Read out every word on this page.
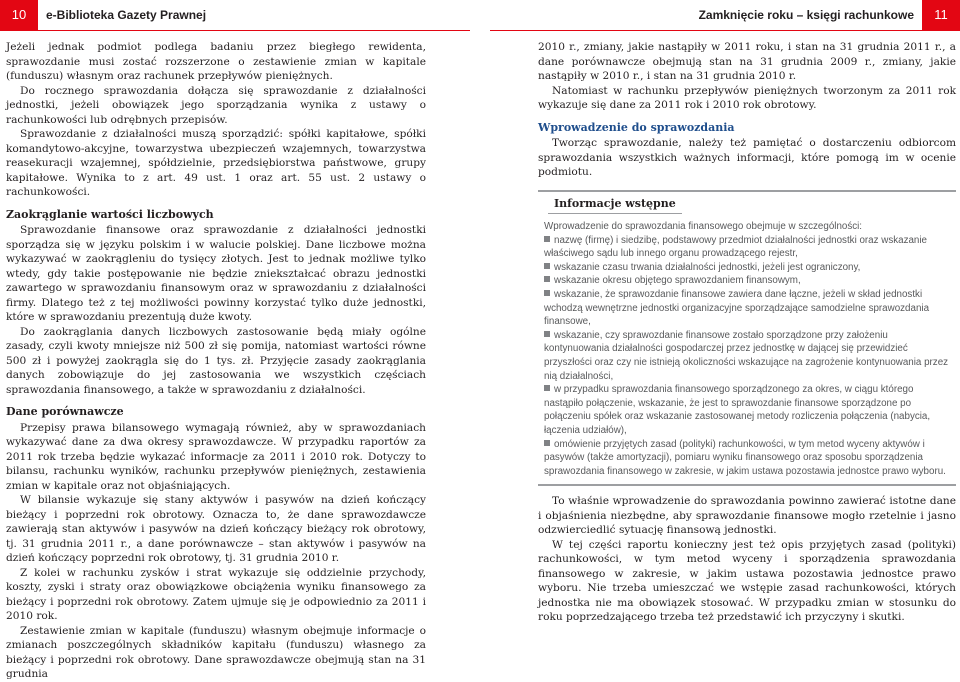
10	e-Biblioteka Gazety Prawnej	Zamknięcie roku – księgi rachunkowe	11

Jeżeli jednak podmiot podlega badaniu przez biegłego rewidenta, sprawozdanie musi zostać rozszerzone o zestawienie zmian w kapitale (funduszu) własnym oraz rachunek przepływów pieniężnych.

Do rocznego sprawozdania dołącza się sprawozdanie z działalności jednostki, jeżeli obowiązek jego sporządzania wynika z ustawy o rachunkowości lub odrębnych przepisów.

Sprawozdanie z działalności muszą sporządzić: spółki kapitałowe, spółki komandytowo-akcyjne, towarzystwa ubezpieczeń wzajemnych, towarzystwa reasekuracji wzajemnej, spółdzielnie, przedsiębiorstwa państwowe, grupy kapitałowe. Wynika to z art. 49 ust. 1 oraz art. 55 ust. 2 ustawy o rachunkowości.

Zaokrąglanie wartości liczbowych

Sprawozdanie finansowe oraz sprawozdanie z działalności jednostki sporządza się w języku polskim i w walucie polskiej. Dane liczbowe można wykazywać w zaokrągleniu do tysięcy złotych. Jest to jednak możliwe tylko wtedy, gdy takie postępowanie nie będzie zniekształcać obrazu jednostki zawartego w sprawozdaniu finansowym oraz w sprawozdaniu z działalności firmy. Dlatego też z tej możliwości powinny korzystać tylko duże jednostki, które w sprawozdaniu prezentują duże kwoty.

Do zaokrąglania danych liczbowych zastosowanie będą miały ogólne zasady, czyli kwoty mniejsze niż 500 zł się pomija, natomiast wartości równe 500 zł i powyżej zaokrągla się do 1 tys. zł. Przyjęcie zasady zaokrąglania danych zobowiązuje do jej zastosowania we wszystkich częściach sprawozdania finansowego, a także w sprawozdaniu z działalności.

Dane porównawcze

Przepisy prawa bilansowego wymagają również, aby w sprawozdaniach wykazywać dane za dwa okresy sprawozdawcze. W przypadku raportów za 2011 rok trzeba będzie wykazać informacje za 2011 i 2010 rok. Dotyczy to bilansu, rachunku wyników, rachunku przepływów pieniężnych, zestawienia zmian w kapitale oraz not objaśniających.

W bilansie wykazuje się stany aktywów i pasywów na dzień kończący bieżący i poprzedni rok obrotowy. Oznacza to, że dane sprawozdawcze zawierają stan aktywów i pasywów na dzień kończący bieżący rok obrotowy, tj. 31 grudnia 2011 r., a dane porównawcze – stan aktywów i pasywów na dzień kończący poprzedni rok obrotowy, tj. 31 grudnia 2010 r.

Z kolei w rachunku zysków i strat wykazuje się oddzielnie przychody, koszty, zyski i straty oraz obowiązkowe obciążenia wyniku finansowego za bieżący i poprzedni rok obrotowy. Zatem ujmuje się je odpowiednio za 2011 i 2010 rok.

Zestawienie zmian w kapitale (funduszu) własnym obejmuje informacje o zmianach poszczególnych składników kapitału (funduszu) własnego za bieżący i poprzedni rok obrotowy. Dane sprawozdawcze obejmują stan na 31 grudnia

2010 r., zmiany, jakie nastąpiły w 2011 roku, i stan na 31 grudnia 2011 r., a dane porównawcze obejmują stan na 31 grudnia 2009 r., zmiany, jakie nastąpiły w 2010 r., i stan na 31 grudnia 2010 r.

Natomiast w rachunku przepływów pieniężnych tworzonym za 2011 rok wykazuje się dane za 2011 rok i 2010 rok obrotowy.

Wprowadzenie do sprawozdania

Tworząc sprawozdanie, należy też pamiętać o dostarczeniu odbiorcom sprawozdania wszystkich ważnych informacji, które pomogą im w ocenie podmiotu.

Informacje wstępne
Wprowadzenie do sprawozdania finansowego obejmuje w szczególności:
nazwę (firmę) i siedzibę, podstawowy przedmiot działalności jednostki oraz wskazanie właściwego sądu lub innego organu prowadzącego rejestr,
wskazanie czasu trwania działalności jednostki, jeżeli jest ograniczony,
wskazanie okresu objętego sprawozdaniem finansowym,
wskazanie, że sprawozdanie finansowe zawiera dane łączne, jeżeli w skład jednostki wchodzą wewnętrzne jednostki organizacyjne sporządzające samodzielne sprawozdania finansowe,
wskazanie, czy sprawozdanie finansowe zostało sporządzone przy założeniu kontynuowania działalności gospodarczej przez jednostkę w dającej się przewidzieć przyszłości oraz czy nie istnieją okoliczności wskazujące na zagrożenie kontynuowania przez nią działalności,
w przypadku sprawozdania finansowego sporządzonego za okres, w ciągu którego nastąpiło połączenie, wskazanie, że jest to sprawozdanie finansowe sporządzone po połączeniu spółek oraz wskazanie zastosowanej metody rozliczenia połączenia (nabycia, łączenia udziałów),
omówienie przyjętych zasad (polityki) rachunkowości, w tym metod wyceny aktywów i pasywów (także amortyzacji), pomiaru wyniku finansowego oraz sposobu sporządzenia sprawozdania finansowego w zakresie, w jakim ustawa pozostawia jednostce prawo wyboru.

To właśnie wprowadzenie do sprawozdania powinno zawierać istotne dane i objaśnienia niezbędne, aby sprawozdanie finansowe mogło rzetelnie i jasno odzwierciedlić sytuację finansową jednostki.

W tej części raportu konieczny jest też opis przyjętych zasad (polityki) rachunkowości, w tym metod wyceny i sporządzenia sprawozdania finansowego w zakresie, w jakim ustawa pozostawia jednostce prawo wyboru. Nie trzeba umieszczać we wstępie zasad rachunkowości, których jednostka nie ma obowiązek stosować. W przypadku zmian w stosunku do roku poprzedzającego trzeba też przedstawić ich przyczyny i skutki.
